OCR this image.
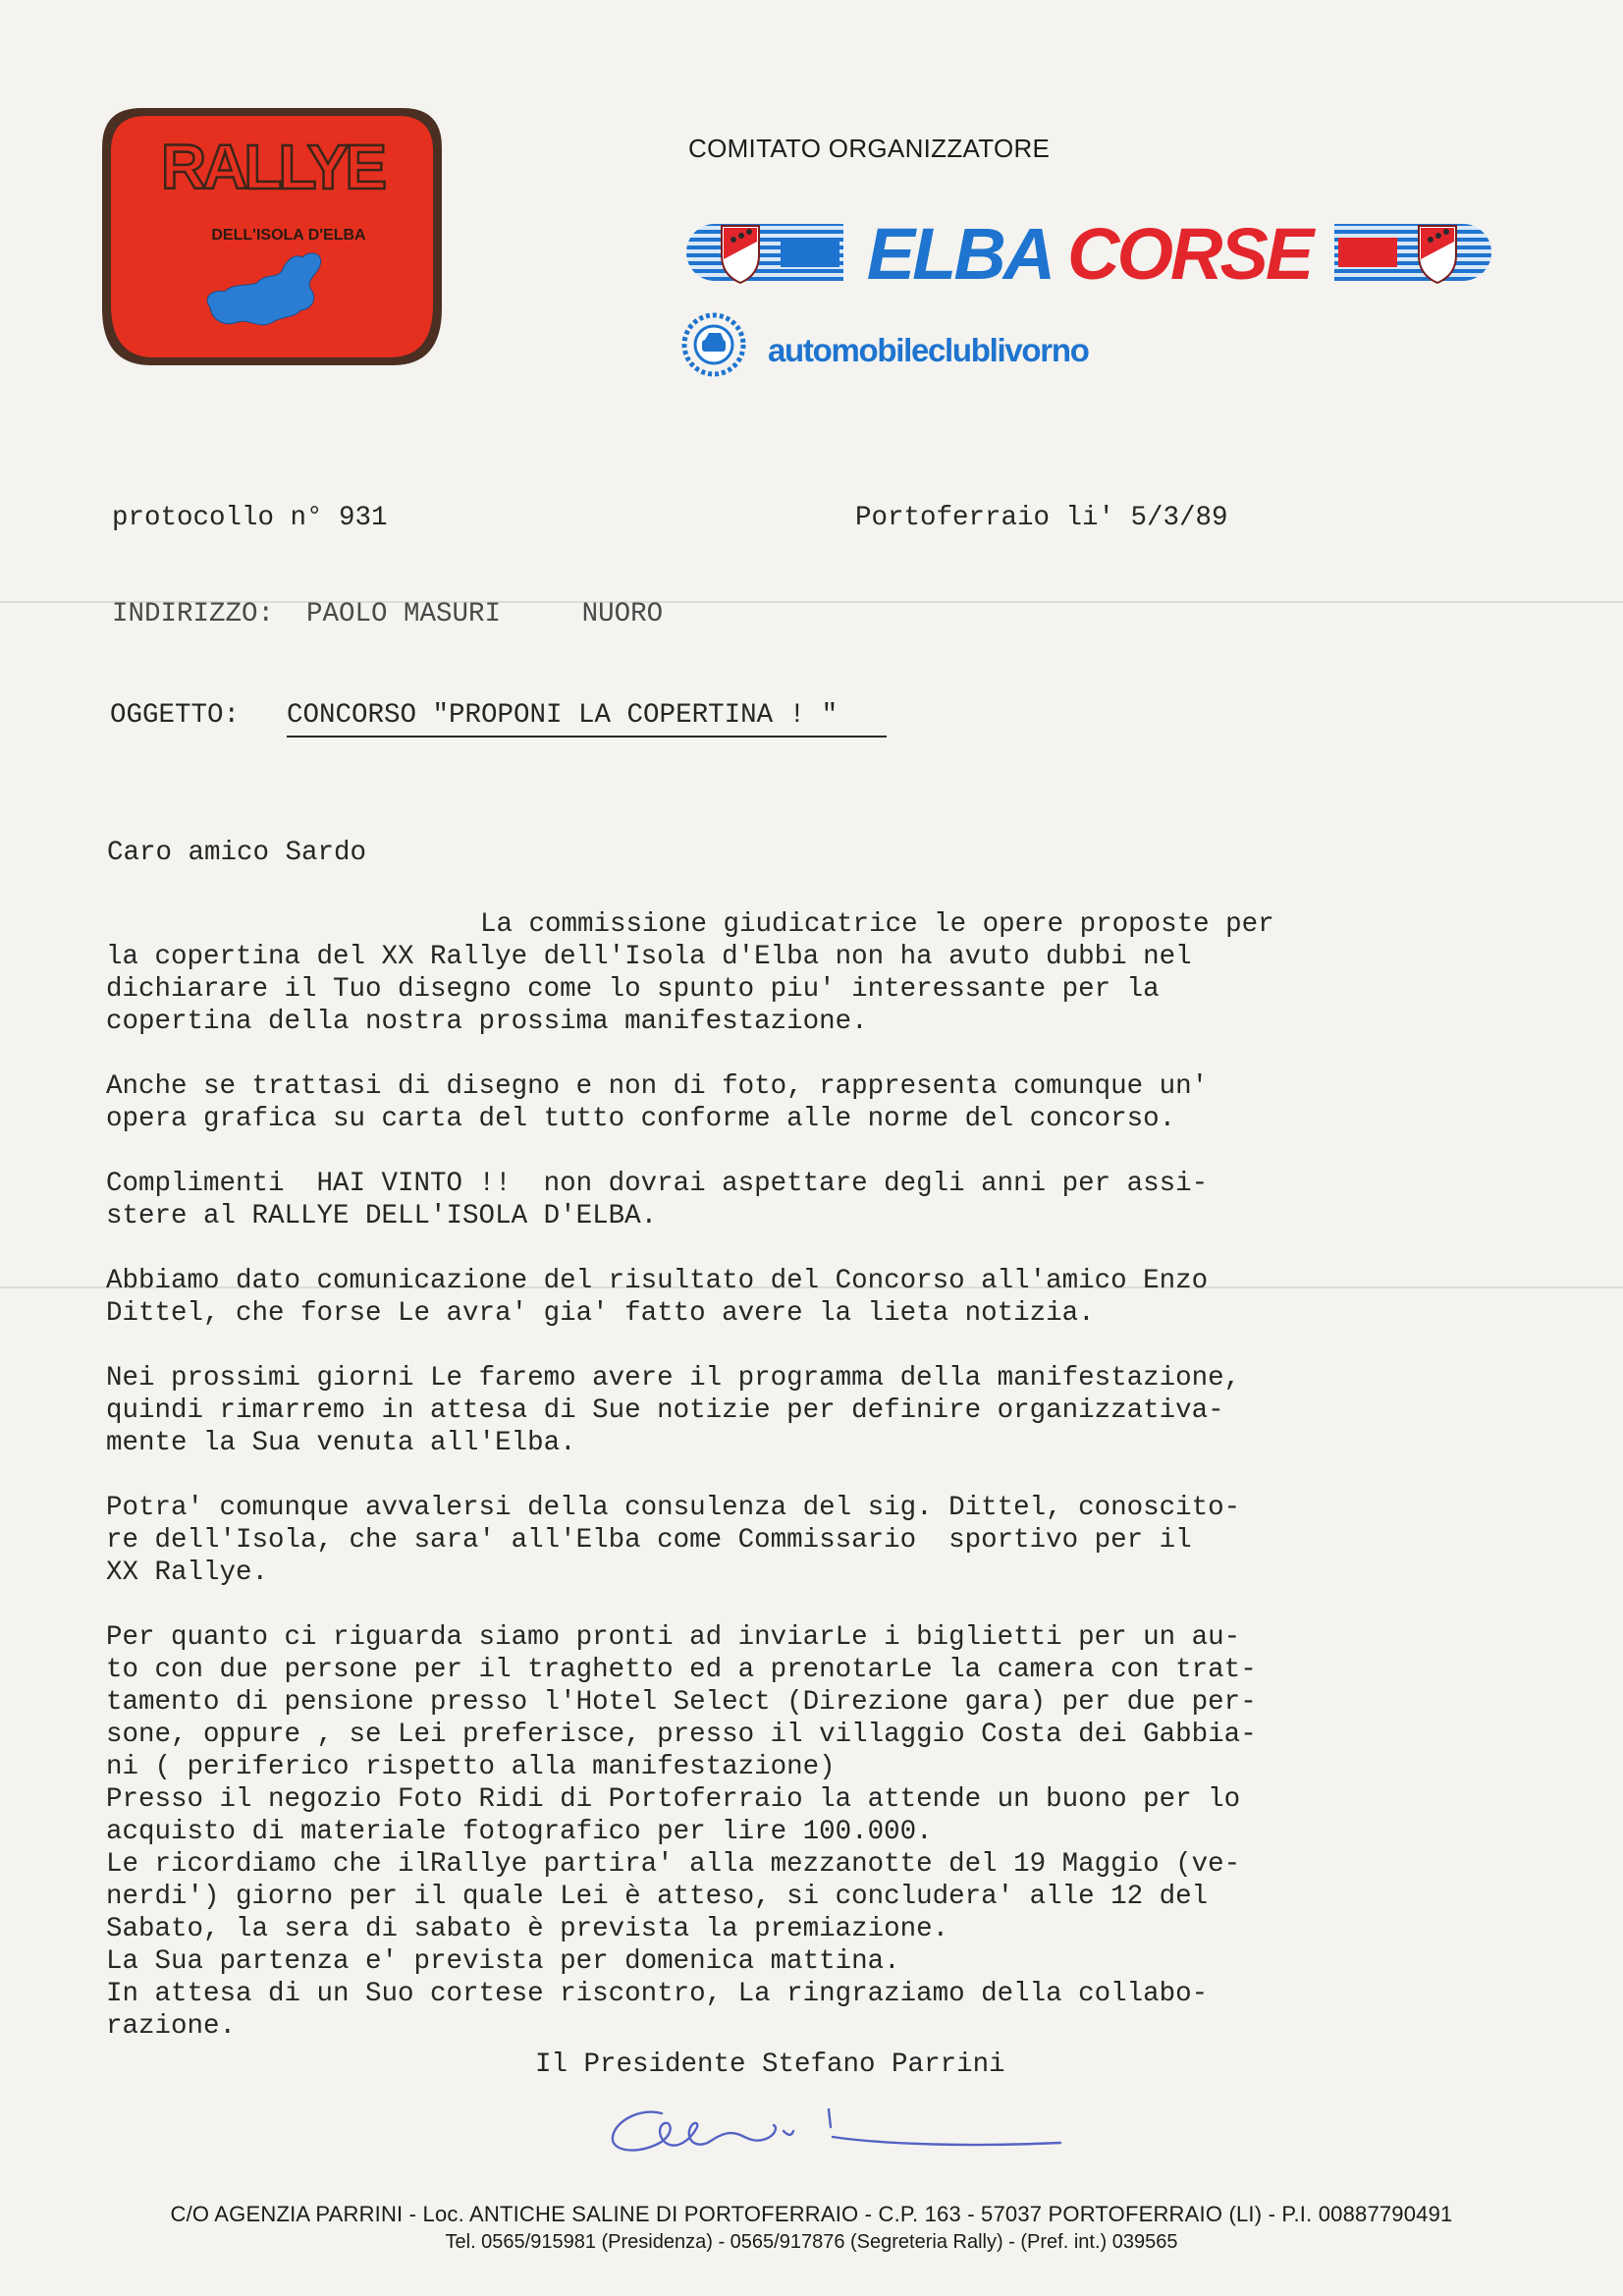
RALLYE
DELL'ISOLA D'ELBA
COMITATO ORGANIZZATORE
ELBA CORSE
automobileclublivorno
protocollo n° 931	Portoferraio li' 5/3/89
INDIRIZZO:  PAOLO MASURI     NUORO
OGGETTO: CONCORSO "PROPONI LA COPERTINA ! "
Caro amico Sardo
La commissione giudicatrice le opere proposte per
la copertina del XX Rallye dell'Isola d'Elba non ha avuto dubbi nel
dichiarare il Tuo disegno come lo spunto piu' interessante per la
copertina della nostra prossima manifestazione.
Anche se trattasi di disegno e non di foto, rappresenta comunque un'
opera grafica su carta del tutto conforme alle norme del concorso.
Complimenti  HAI VINTO !!  non dovrai aspettare degli anni per assi-
stere al RALLYE DELL'ISOLA D'ELBA.
Abbiamo dato comunicazione del risultato del Concorso all'amico Enzo
Dittel, che forse Le avra' gia' fatto avere la lieta notizia.
Nei prossimi giorni Le faremo avere il programma della manifestazione,
quindi rimarremo in attesa di Sue notizie per definire organizzativa-
mente la Sua venuta all'Elba.
Potra' comunque avvalersi della consulenza del sig. Dittel, conoscito-
re dell'Isola, che sara' all'Elba come Commissario  sportivo per il
XX Rallye.
Per quanto ci riguarda siamo pronti ad inviarLe i biglietti per un au-
to con due persone per il traghetto ed a prenotarLe la camera con trat-
tamento di pensione presso l'Hotel Select (Direzione gara) per due per-
sone, oppure , se Lei preferisce, presso il villaggio Costa dei Gabbia-
ni ( periferico rispetto alla manifestazione)
Presso il negozio Foto Ridi di Portoferraio la attende un buono per lo
acquisto di materiale fotografico per lire 100.000.
Le ricordiamo che ilRallye partira' alla mezzanotte del 19 Maggio (ve-
nerdi') giorno per il quale Lei è atteso, si concludera' alle 12 del
Sabato, la sera di sabato è prevista la premiazione.
La Sua partenza e' prevista per domenica mattina.
In attesa di un Suo cortese riscontro, La ringraziamo della collabo-
razione.
Il Presidente Stefano Parrini
C/O AGENZIA PARRINI - Loc. ANTICHE SALINE DI PORTOFERRAIO - C.P. 163 - 57037 PORTOFERRAIO (LI) - P.I. 00887790491
Tel. 0565/915981 (Presidenza) - 0565/917876 (Segreteria Rally) - (Pref. int.) 039565
